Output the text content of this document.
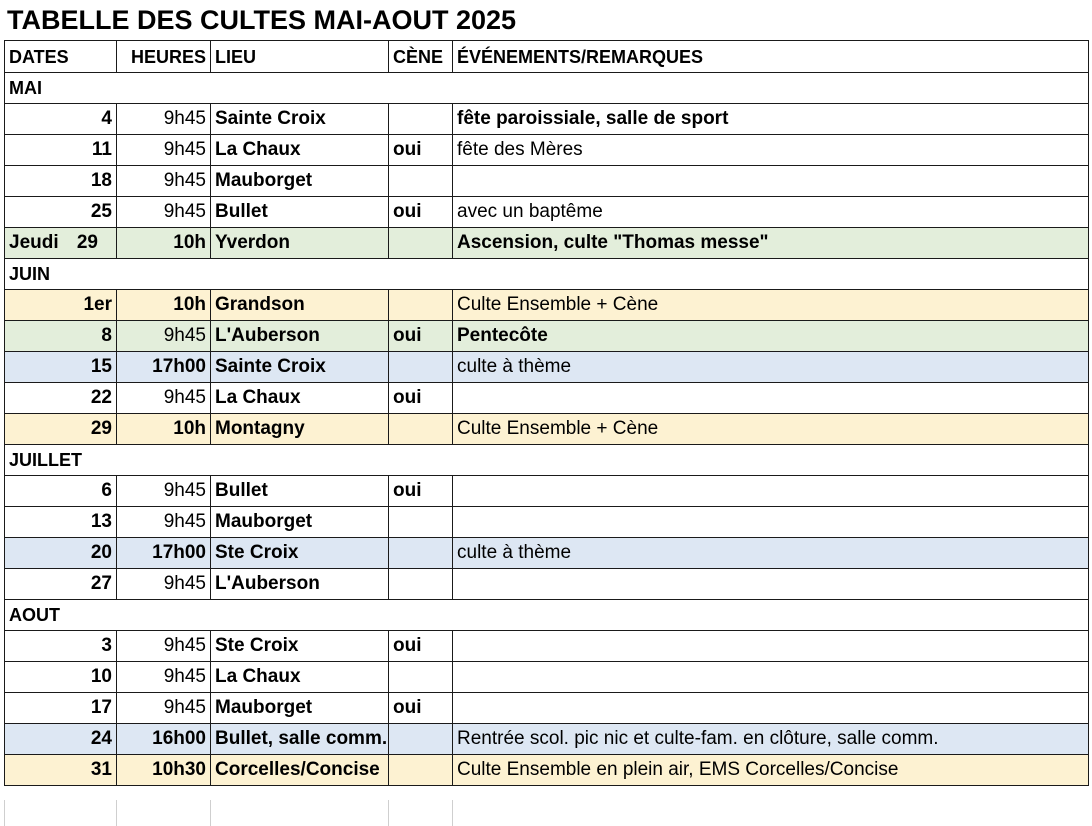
TABELLE DES CULTES MAI-AOUT 2025
DATES	HEURES	LIEU	CÈNE	ÉVÉNEMENTS/REMARQUES
MAI				
4	9h45	Sainte Croix		fête paroissiale, salle de sport
11	9h45	La Chaux	oui	fête des Mères
18	9h45	Mauborget		
25	9h45	Bullet	oui	avec un baptême

Jeudi 29	10h	Yverdon		Ascension, culte "Thomas messe"
JUIN				
1er	10h	Grandson		Culte Ensemble + Cène
8	9h45	L'Auberson	oui	Pentecôte
15	17h00	Sainte Croix		culte à thème
22	9h45	La Chaux	oui	
29	10h	Montagny		Culte Ensemble + Cène
JUILLET				
6	9h45	Bullet	oui	
13	9h45	Mauborget		
20	17h00	Ste Croix		culte à thème
27	9h45	L'Auberson		
AOUT				
3	9h45	Ste Croix	oui	
10	9h45	La Chaux		
17	9h45	Mauborget	oui	
24	16h00	Bullet, salle comm.		Rentrée scol. pic nic et culte-fam. en clôture, salle comm.
31	10h30	Corcelles/Concise		Culte Ensemble en plein air, EMS Corcelles/Concise
